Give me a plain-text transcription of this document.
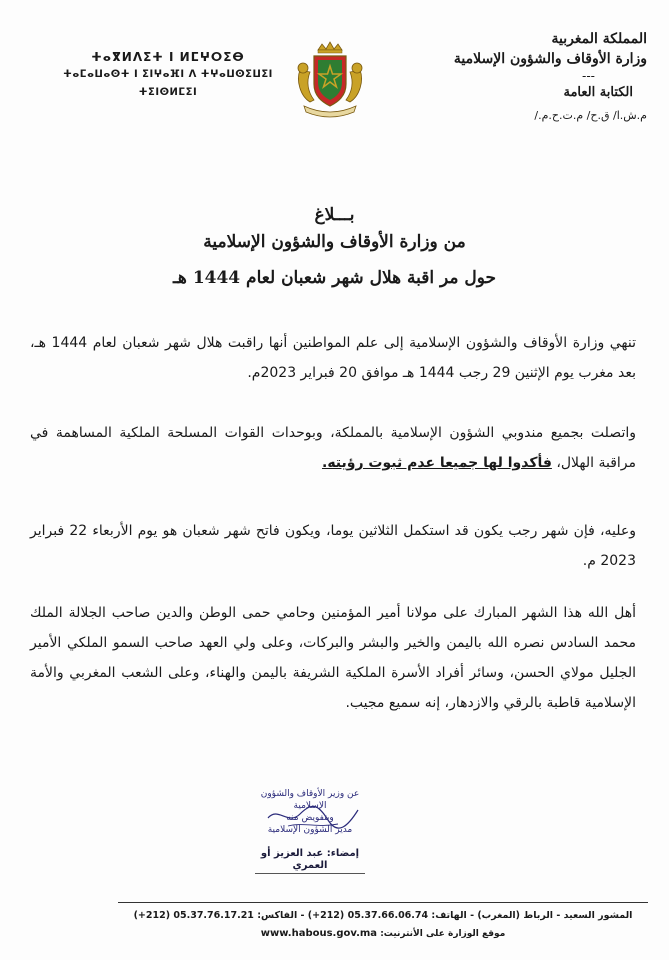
المملكة المغربية
وزارة الأوقاف والشؤون الإسلامية
---
الكتابة العامة
م.ش.ا/ ق.ح/ م.ت.ح.م./
ⵜⴰⴳⵍⴷⵉⵜ ⵏ ⵍⵎⵖⵔⵉⴱ
ⵜⴰⵎⴰⵡⴰⵙⵜ ⵏ ⵉⵏⵖⴰⴼⵏ ⴷ ⵜⵖⴰⵡⵙⵉⵡⵉⵏ ⵜⵉⵏⵙⵍⵎⵉⵏ
بـــلاغ
من وزارة الأوقاف والشؤون الإسلامية
حول مر اقبة هلال شهر شعبان لعام 1444 هـ

تنهي وزارة الأوقاف والشؤون الإسلامية إلى علم المواطنين أنها راقبت هلال شهر شعبان لعام 1444 هـ، بعد مغرب يوم الإثنين 29 رجب 1444 هـ موافق 20 فبراير 2023م.

واتصلت بجميع مندوبي الشؤون الإسلامية بالمملكة، وبوحدات القوات المسلحة الملكية المساهمة في مراقبة الهلال، فأكدوا لها جميعا عدم ثبوت رؤيته.

وعليه، فإن شهر رجب يكون قد استكمل الثلاثين يوما، ويكون فاتح شهر شعبان هو يوم الأربعاء 22 فبراير 2023 م.

أهل الله هذا الشهر المبارك على مولانا أمير المؤمنين وحامي حمى الوطن والدين صاحب الجلالة الملك محمد السادس نصره الله باليمن والخير والبشر والبركات، وعلى ولي العهد صاحب السمو الملكي الأمير الجليل مولاي الحسن، وسائر أفراد الأسرة الملكية الشريفة باليمن والهناء، وعلى الشعب المغربي والأمة الإسلامية قاطبة بالرقي والازدهار، إنه سميع مجيب.

عن وزير الأوقاف والشؤون الإسلامية
وبتفويض منه
مدير الشؤون الإسلامية
إمضاء: عبد العزيز أو العمري
المشور السعيد - الرباط (المغرب) - الهاتف: 05.37.66.06.74 (212+) - الفاكس: 05.37.76.17.21 (212+)
موقع الوزارة على الأنترنيت: www.habous.gov.ma
